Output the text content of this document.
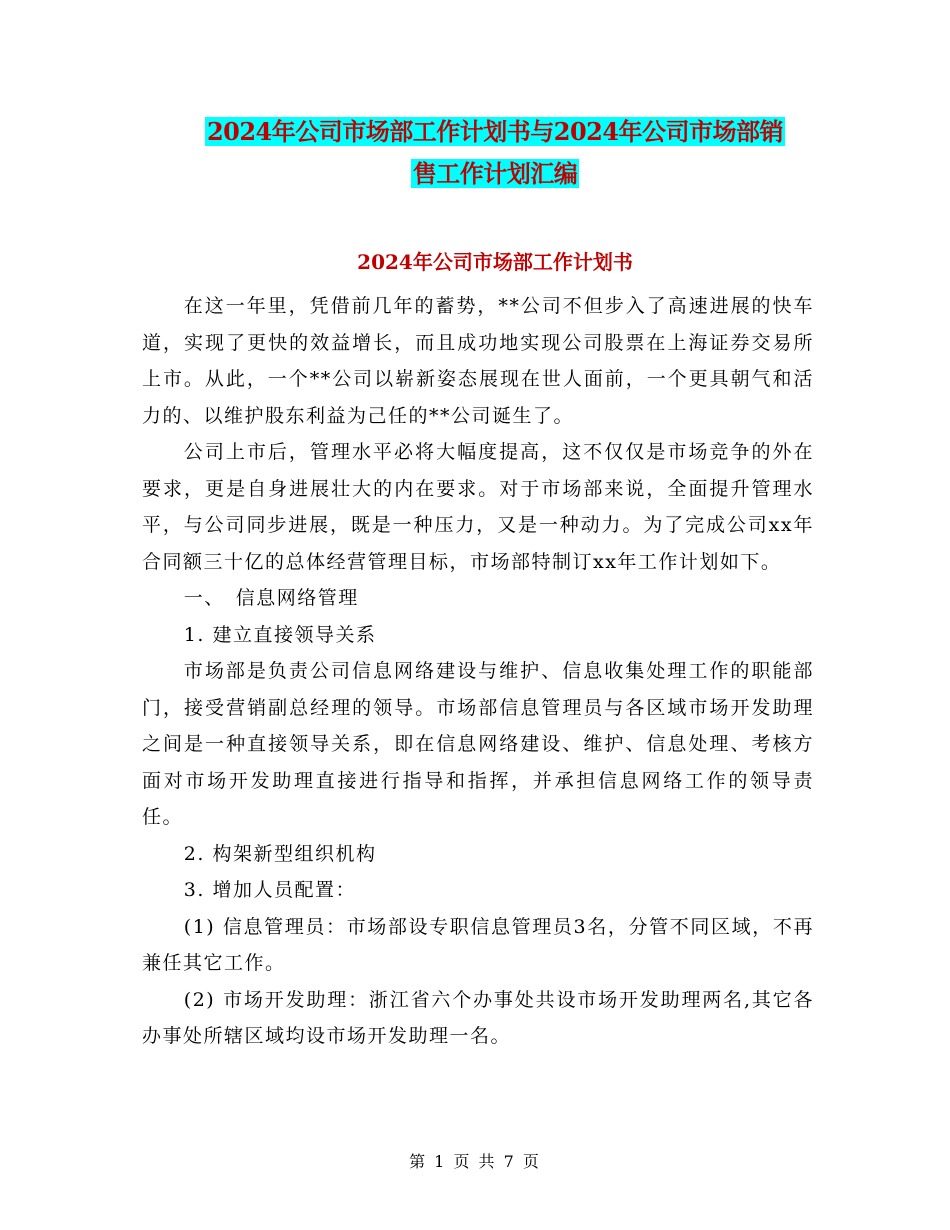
2024年公司市场部工作计划书与2024年公司市场部销
售工作计划汇编
2024年公司市场部工作计划书

在这一年里，凭借前几年的蓄势，**公司不但步入了高速进展的快车道，实现了更快的效益增长，而且成功地实现公司股票在上海证券交易所上市。从此，一个**公司以崭新姿态展现在世人面前，一个更具朝气和活力的、以维护股东利益为己任的**公司诞生了。

公司上市后，管理水平必将大幅度提高，这不仅仅是市场竞争的外在要求，更是自身进展壮大的内在要求。对于市场部来说，全面提升管理水平，与公司同步进展，既是一种压力，又是一种动力。为了完成公司xx年合同额三十亿的总体经营管理目标，市场部特制订xx年工作计划如下。

一、　信息网络管理

1. 建立直接领导关系

市场部是负责公司信息网络建设与维护、信息收集处理工作的职能部门，接受营销副总经理的领导。市场部信息管理员与各区域市场开发助理之间是一种直接领导关系，即在信息网络建设、维护、信息处理、考核方面对市场开发助理直接进行指导和指挥，并承担信息网络工作的领导责任。

2. 构架新型组织机构

3. 增加人员配置：

(1) 信息管理员：市场部设专职信息管理员3名，分管不同区域，不再兼任其它工作。

(2) 市场开发助理：浙江省六个办事处共设市场开发助理两名,其它各办事处所辖区域均设市场开发助理一名。

第 1 页 共 7 页
